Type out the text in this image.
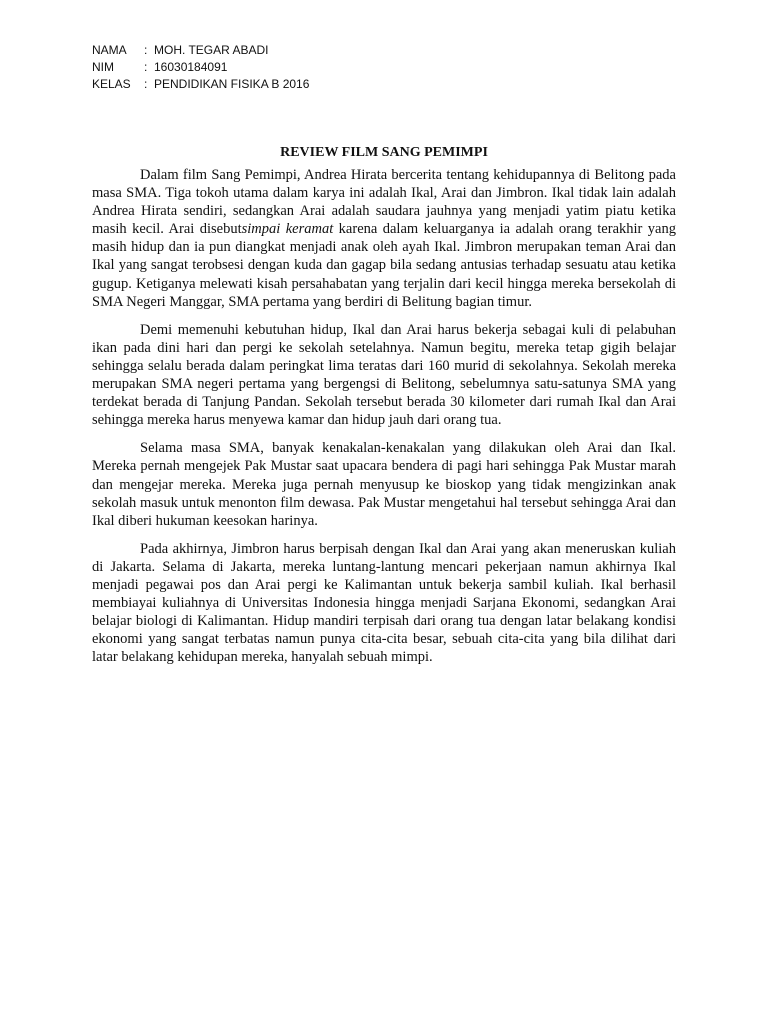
NAMA	: MOH. TEGAR ABADI
NIM	: 16030184091
KELAS	: PENDIDIKAN FISIKA B 2016
REVIEW FILM SANG PEMIMPI

Dalam film Sang Pemimpi, Andrea Hirata bercerita tentang kehidupannya di Belitong pada masa SMA. Tiga tokoh utama dalam karya ini adalah Ikal, Arai dan Jimbron. Ikal tidak lain adalah Andrea Hirata sendiri, sedangkan Arai adalah saudara jauhnya yang menjadi yatim piatu ketika masih kecil. Arai disebutsimpai keramat karena dalam keluarganya ia adalah orang terakhir yang masih hidup dan ia pun diangkat menjadi anak oleh ayah Ikal. Jimbron merupakan teman Arai dan Ikal yang sangat terobsesi dengan kuda dan gagap bila sedang antusias terhadap sesuatu atau ketika gugup. Ketiganya melewati kisah persahabatan yang terjalin dari kecil hingga mereka bersekolah di SMA Negeri Manggar, SMA pertama yang berdiri di Belitung bagian timur.

Demi memenuhi kebutuhan hidup, Ikal dan Arai harus bekerja sebagai kuli di pelabuhan ikan pada dini hari dan pergi ke sekolah setelahnya. Namun begitu, mereka tetap gigih belajar sehingga selalu berada dalam peringkat lima teratas dari 160 murid di sekolahnya. Sekolah mereka merupakan SMA negeri pertama yang bergengsi di Belitong, sebelumnya satu-satunya SMA yang terdekat berada di Tanjung Pandan. Sekolah tersebut berada 30 kilometer dari rumah Ikal dan Arai sehingga mereka harus menyewa kamar dan hidup jauh dari orang tua.

Selama masa SMA, banyak kenakalan-kenakalan yang dilakukan oleh Arai dan Ikal. Mereka pernah mengejek Pak Mustar saat upacara bendera di pagi hari sehingga Pak Mustar marah dan mengejar mereka. Mereka juga pernah menyusup ke bioskop yang tidak mengizinkan anak sekolah masuk untuk menonton film dewasa. Pak Mustar mengetahui hal tersebut sehingga Arai dan Ikal diberi hukuman keesokan harinya.

Pada akhirnya, Jimbron harus berpisah dengan Ikal dan Arai yang akan meneruskan kuliah di Jakarta. Selama di Jakarta, mereka luntang-lantung mencari pekerjaan namun akhirnya Ikal menjadi pegawai pos dan Arai pergi ke Kalimantan untuk bekerja sambil kuliah. Ikal berhasil membiayai kuliahnya di Universitas Indonesia hingga menjadi Sarjana Ekonomi, sedangkan Arai belajar biologi di Kalimantan. Hidup mandiri terpisah dari orang tua dengan latar belakang kondisi ekonomi yang sangat terbatas namun punya cita-cita besar, sebuah cita-cita yang bila dilihat dari latar belakang kehidupan mereka, hanyalah sebuah mimpi.
